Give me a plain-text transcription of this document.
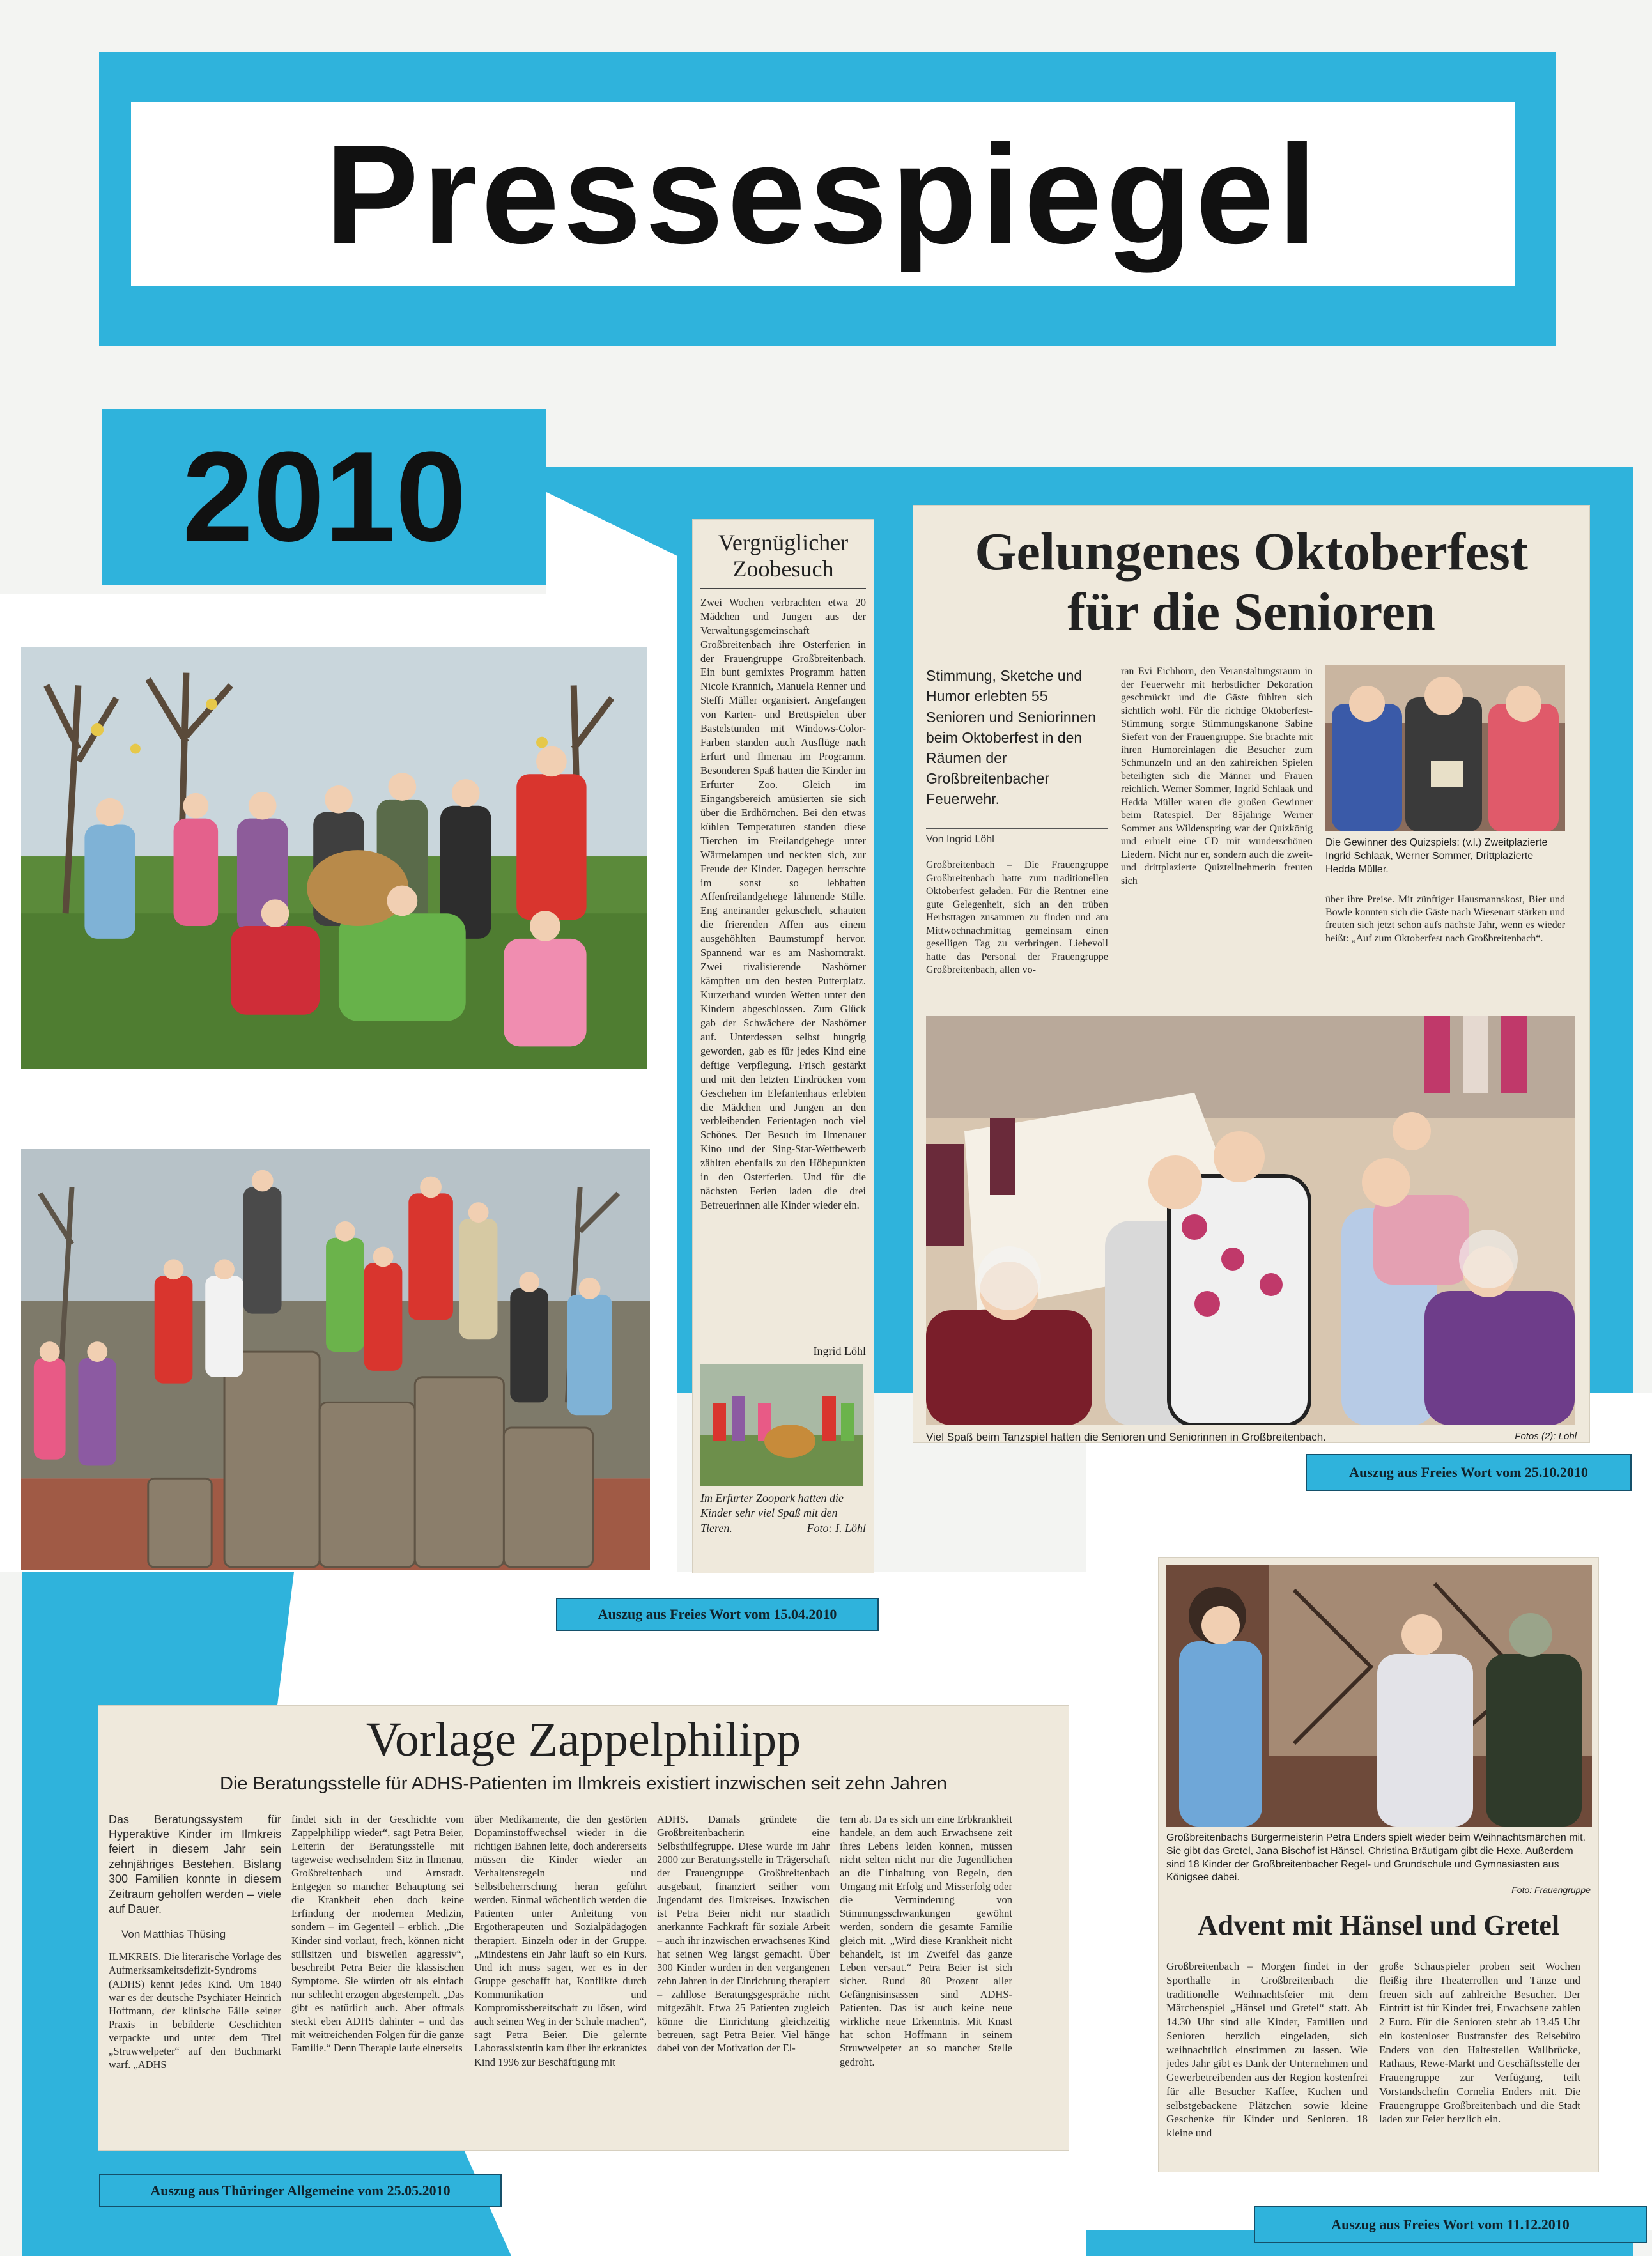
Pressespiegel
2010	Vergnüglicher Zoobesuch
Zwei Wochen verbrachten etwa 20 Mädchen und Jungen aus der Verwaltungsgemeinschaft Großbreitenbach ihre Osterferien in der Frauengruppe Großbreitenbach. Ein bunt gemixtes Programm hatten Nicole Krannich, Manuela Renner und Steffi Müller organisiert. Angefangen von Karten- und Brettspielen über Bastelstunden mit Windows-Color-Farben standen auch Ausflüge nach Erfurt und Ilmenau im Programm. Besonderen Spaß hatten die Kinder im Erfurter Zoo. Gleich im Eingangsbereich amüsierten sie sich über die Erdhörnchen. Bei den etwas kühlen Temperaturen standen diese Tierchen im Freilandgehege unter Wärmelampen und neckten sich, zur Freude der Kinder. Dagegen herrschte im sonst so lebhaften Affenfreilandgehege lähmende Stille. Eng aneinander gekuschelt, schauten die frierenden Affen aus einem ausgehöhlten Baumstumpf hervor. Spannend war es am Nashorntrakt. Zwei rivalisierende Nashörner kämpften um den besten Putterplatz. Kurzerhand wurden Wetten unter den Kindern abgeschlossen. Zum Glück gab der Schwächere der Nashörner auf. Unterdessen selbst hungrig geworden, gab es für jedes Kind eine deftige Verpflegung. Frisch gestärkt und mit den letzten Eindrücken vom Geschehen im Elefantenhaus erlebten die Mädchen und Jungen an den verbleibenden Ferientagen noch viel Schönes. Der Besuch im Ilmenauer Kino und der Sing-Star-Wettbewerb zählten ebenfalls zu den Höhepunkten in den Osterferien. Und für die nächsten Ferien laden die drei Betreuerinnen alle Kinder wieder ein.
Ingrid Löhl
Im Erfurter Zoopark hatten die Kinder sehr viel Spaß mit den Tieren.	Foto: I. Löhl
Auszug aus Freies Wort vom 15.04.2010
Gelungenes Oktoberfest für die Senioren
Stimmung, Sketche und Humor erlebten 55 Senioren und Seniorinnen beim Oktoberfest in den Räumen der Großbreitenbacher Feuerwehr.
Von Ingrid Löhl
Großbreitenbach – Die Frauengruppe Großbreitenbach hatte zum traditionellen Oktoberfest geladen. Für die Rentner eine gute Gelegenheit, sich an den trüben Herbsttagen zusammen zu finden und am Mittwochnachmittag gemeinsam einen geselligen Tag zu verbringen. Liebevoll hatte das Personal der Frauengruppe Großbreitenbach, allen vo-
ran Evi Eichhorn, den Veranstaltungsraum in der Feuerwehr mit herbstlicher Dekoration geschmückt und die Gäste fühlten sich sichtlich wohl. Für die richtige Oktoberfest-Stimmung sorgte Stimmungskanone Sabine Siefert von der Frauengruppe. Sie brachte mit ihren Humoreinlagen die Besucher zum Schmunzeln und an den zahlreichen Spielen beteiligten sich die Männer und Frauen reichlich. Werner Sommer, Ingrid Schlaak und Hedda Müller waren die großen Gewinner beim Ratespiel. Der 85jährige Werner Sommer aus Wildenspring war der Quizkönig und erhielt eine CD mit wunderschönen Liedern. Nicht nur er, sondern auch die zweit- und drittplazierte Quiztellnehmerin freuten sich
Die Gewinner des Quizspiels: (v.l.) Zweitplazierte Ingrid Schlaak, Werner Sommer, Drittplazierte Hedda Müller.
über ihre Preise. Mit zünftiger Hausmannskost, Bier und Bowle konnten sich die Gäste nach Wiesenart stärken und freuten sich jetzt schon aufs nächste Jahr, wenn es wieder heißt: „Auf zum Oktoberfest nach Großbreitenbach“.
Viel Spaß beim Tanzspiel hatten die Senioren und Seniorinnen in Großbreitenbach.	Fotos (2): Löhl
Auszug aus Freies Wort vom 25.10.2010
Vorlage Zappelphilipp
Die Beratungsstelle für ADHS-Patienten im Ilmkreis existiert inzwischen seit zehn Jahren
Das Beratungssystem für Hyperaktive Kinder im Ilmkreis feiert in diesem Jahr sein zehnjähriges Bestehen. Bislang 300 Familien konnte in diesem Zeitraum geholfen werden – viele auf Dauer.
Von Matthias Thüsing
ILMKREIS. Die literarische Vorlage des Aufmerksamkeitsdefizit-Syndroms (ADHS) kennt jedes Kind. Um 1840 war es der deutsche Psychiater Heinrich Hoffmann, der klinische Fälle seiner Praxis in bebilderte Geschichten verpackte und unter dem Titel „Struwwelpeter“ auf den Buchmarkt warf. „ADHS
findet sich in der Geschichte vom Zappelphilipp wieder“, sagt Petra Beier, Leiterin der Beratungsstelle mit tageweise wechselndem Sitz in Ilmenau, Großbreitenbach und Arnstadt. Entgegen so mancher Behauptung sei die Krankheit eben doch keine Erfindung der modernen Medizin, sondern – im Gegenteil – erblich. „Die Kinder sind vorlaut, frech, können nicht stillsitzen und bisweilen aggressiv“, beschreibt Petra Beier die klassischen Symptome. Sie würden oft als einfach nur schlecht erzogen abgestempelt. „Das gibt es natürlich auch. Aber oftmals steckt eben ADHS dahinter – und das mit weitreichenden Folgen für die ganze Familie.“ Denn Therapie laufe einerseits
über Medikamente, die den gestörten Dopaminstoffwechsel wieder in die richtigen Bahnen leite, doch andererseits müssen die Kinder wieder an Verhaltensregeln und Selbstbeherrschung heran geführt werden. Einmal wöchentlich werden die Patienten unter Anleitung von Ergotherapeuten und Sozialpädagogen therapiert. Einzeln oder in der Gruppe. „Mindestens ein Jahr läuft so ein Kurs. Und ich muss sagen, wer es in der Gruppe geschafft hat, Konflikte durch Kommunikation und Kompromissbereitschaft zu lösen, wird auch seinen Weg in der Schule machen“, sagt Petra Beier. Die gelernte Laborassistentin kam über ihr erkranktes Kind 1996 zur Beschäftigung mit
ADHS. Damals gründete die Großbreitenbacherin eine Selbsthilfegruppe. Diese wurde im Jahr 2000 zur Beratungsstelle in Trägerschaft der Frauengruppe Großbreitenbach ausgebaut, finanziert seither vom Jugendamt des Ilmkreises. Inzwischen ist Petra Beier nicht nur staatlich anerkannte Fachkraft für soziale Arbeit – auch ihr inzwischen erwachsenes Kind hat seinen Weg längst gemacht. Über 300 Kinder wurden in den vergangenen zehn Jahren in der Einrichtung therapiert – zahllose Beratungsgespräche nicht mitgezählt. Etwa 25 Patienten zugleich könne die Einrichtung gleichzeitig betreuen, sagt Petra Beier. Viel hänge dabei von der Motivation der El-
tern ab. Da es sich um eine Erbkrankheit handele, an dem auch Erwachsene zeit ihres Lebens leiden können, müssen nicht selten nicht nur die Jugendlichen an die Einhaltung von Regeln, den Umgang mit Erfolg und Misserfolg oder die Verminderung von Stimmungsschwankungen gewöhnt werden, sondern die gesamte Familie gleich mit. „Wird diese Krankheit nicht behandelt, ist im Zweifel das ganze Leben versaut.“ Petra Beier ist sich sicher. Rund 80 Prozent aller Gefängnisinsassen sind ADHS-Patienten. Das ist auch keine neue wirkliche neue Erkenntnis. Mit Knast hat schon Hoffmann in seinem Struwwelpeter an so mancher Stelle gedroht.
Auszug aus Thüringer Allgemeine vom 25.05.2010
Großbreitenbachs Bürgermeisterin Petra Enders spielt wieder beim Weihnachtsmärchen mit. Sie gibt das Gretel, Jana Bischof ist Hänsel, Christina Bräutigam gibt die Hexe. Außerdem sind 18 Kinder der Großbreitenbacher Regel- und Grundschule und Gymnasiasten aus Königsee dabei.
Foto: Frauengruppe
Advent mit Hänsel und Gretel
Großbreitenbach – Morgen findet in der Sporthalle in Großbreitenbach die traditionelle Weihnachtsfeier mit dem Märchenspiel „Hänsel und Gretel“ statt. Ab 14.30 Uhr sind alle Kinder, Familien und Senioren herzlich eingeladen, sich weihnachtlich einstimmen zu lassen. Wie jedes Jahr gibt es Dank der Unternehmen und Gewerbetreibenden aus der Region kostenfrei für alle Besucher Kaffee, Kuchen und selbstgebackene Plätzchen sowie kleine Geschenke für Kinder und Senioren. 18 kleine und
große Schauspieler proben seit Wochen fleißig ihre Theaterrollen und Tänze und freuen sich auf zahlreiche Besucher. Der Eintritt ist für Kinder frei, Erwachsene zahlen 2 Euro. Für die Senioren steht ab 13.45 Uhr ein kostenloser Bustransfer des Reisebüro Enders von den Haltestellen Wallbrücke, Rathaus, Rewe-Markt und Geschäftsstelle der Frauengruppe zur Verfügung, teilt Vorstandschefin Cornelia Enders mit. Die Frauengruppe Großbreitenbach und die Stadt laden zur Feier herzlich ein.
Auszug aus Freies Wort vom 11.12.2010
